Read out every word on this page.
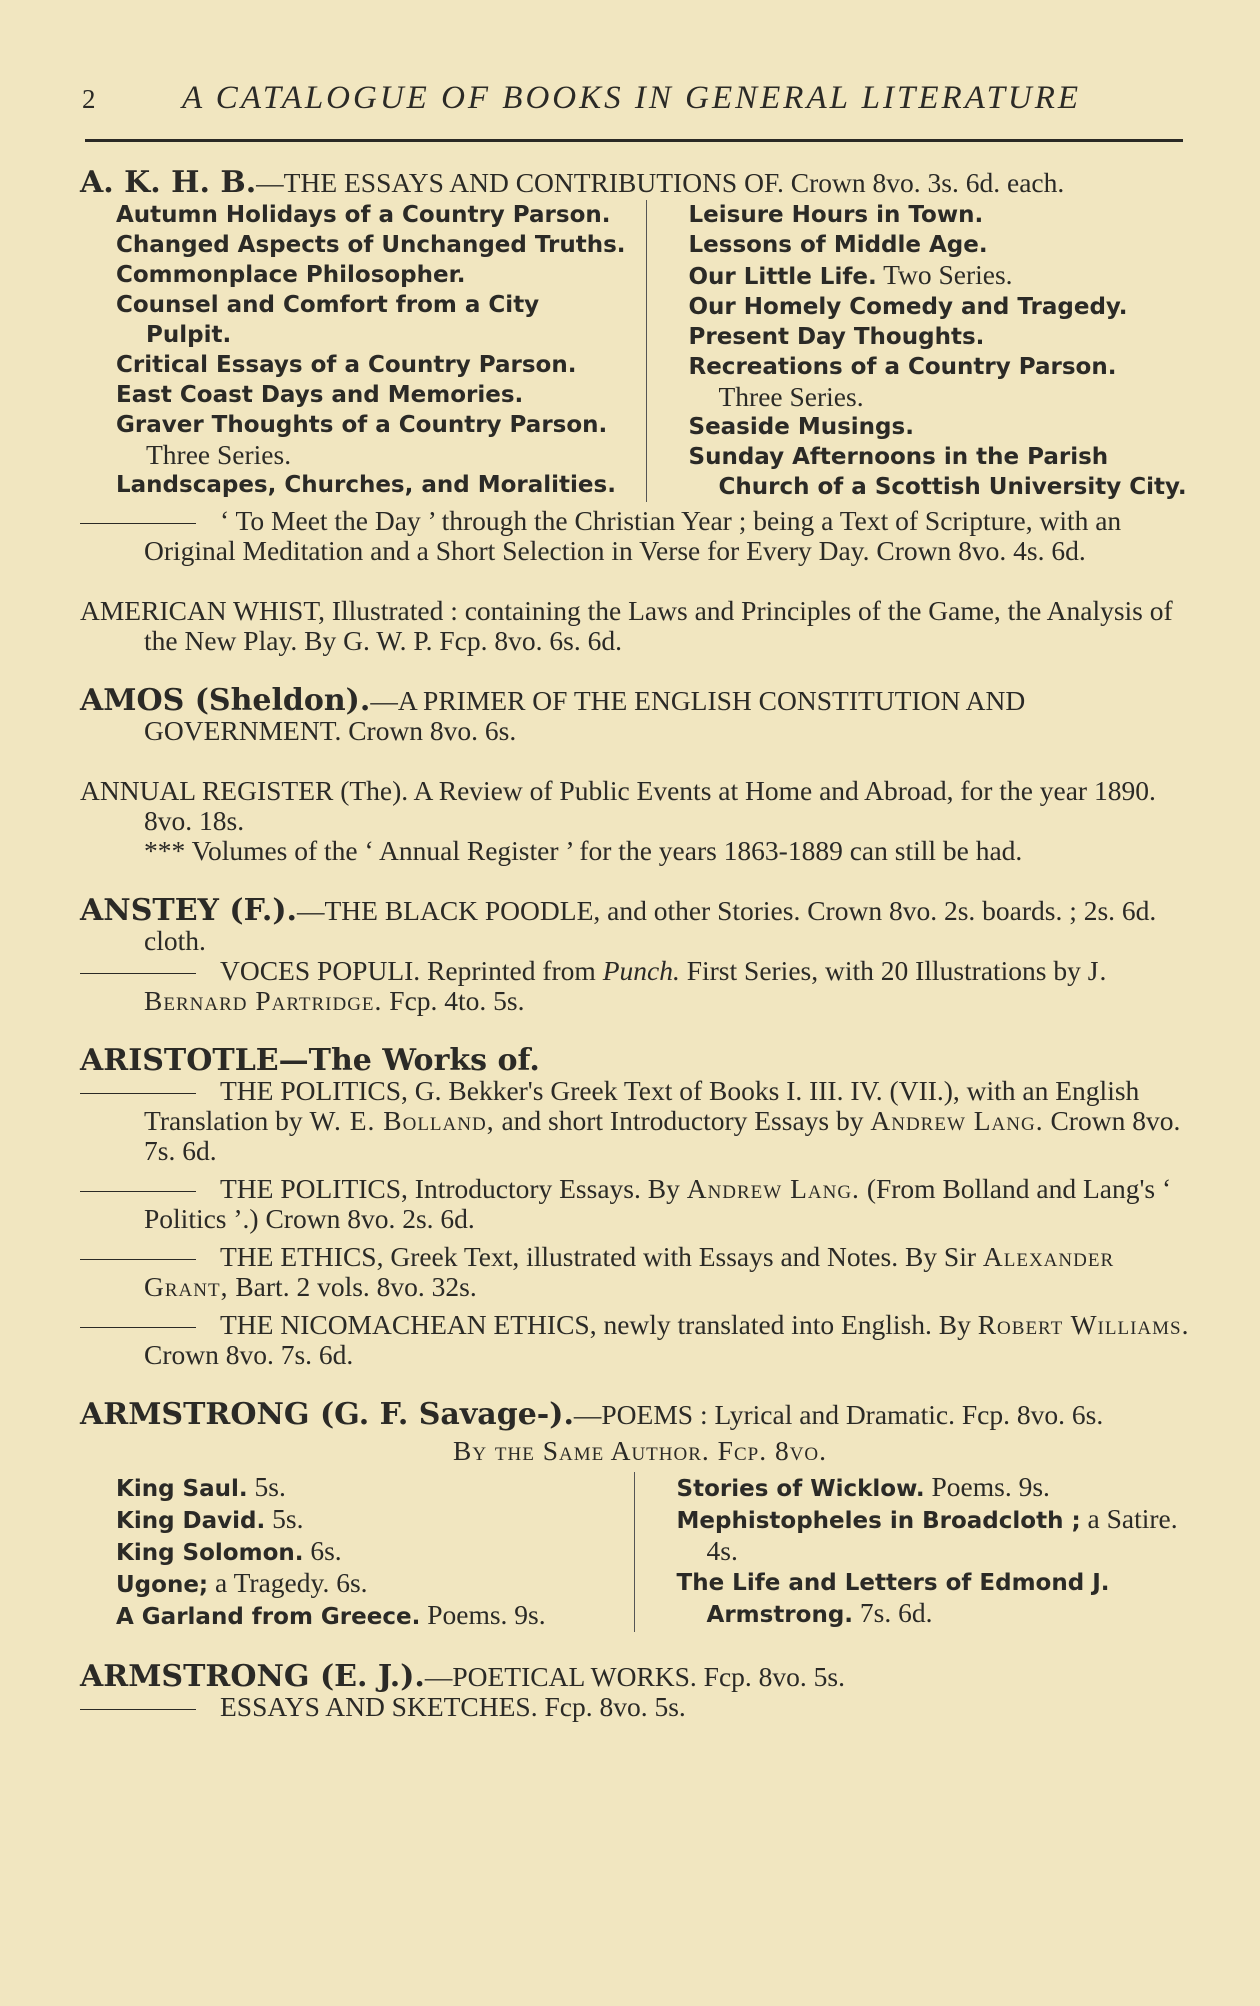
2	A CATALOGUE OF BOOKS IN GENERAL LITERATURE

A. K. H. B.—THE ESSAYS AND CONTRIBUTIONS OF. Crown 8vo. 3s. 6d. each.

Autumn Holidays of a Country Parson.
Changed Aspects of Unchanged Truths.
Commonplace Philosopher.
Counsel and Comfort from a City Pulpit.
Critical Essays of a Country Parson.
East Coast Days and Memories.
Graver Thoughts of a Country Parson.
Three Series.
Landscapes, Churches, and Moralities.
Leisure Hours in Town.
Lessons of Middle Age.
Our Little Life. Two Series.
Our Homely Comedy and Tragedy.
Present Day Thoughts.
Recreations of a Country Parson.
Three Series.
Seaside Musings.
Sunday Afternoons in the Parish Church of a Scottish University City.

‘ To Meet the Day ’ through the Christian Year ; being a Text of Scripture, with an Original Meditation and a Short Selection in Verse for Every Day. Crown 8vo. 4s. 6d.

AMERICAN WHIST, Illustrated : containing the Laws and Principles of the Game, the Analysis of the New Play. By G. W. P. Fcp. 8vo. 6s. 6d.

AMOS (Sheldon).—A PRIMER OF THE ENGLISH CONSTITUTION AND GOVERNMENT. Crown 8vo. 6s.

ANNUAL REGISTER (The). A Review of Public Events at Home and Abroad, for the year 1890. 8vo. 18s.

*** Volumes of the ‘ Annual Register ’ for the years 1863-1889 can still be had.

ANSTEY (F.).—THE BLACK POODLE, and other Stories. Crown 8vo. 2s. boards. ; 2s. 6d. cloth.

VOCES POPULI. Reprinted from Punch. First Series, with 20 Illustrations by J. Bernard Partridge. Fcp. 4to. 5s.

ARISTOTLE—The Works of.

THE POLITICS, G. Bekker's Greek Text of Books I. III. IV. (VII.), with an English Translation by W. E. Bolland, and short Introductory Essays by Andrew Lang. Crown 8vo. 7s. 6d.

THE POLITICS, Introductory Essays. By Andrew Lang. (From Bolland and Lang's ‘ Politics ’.) Crown 8vo. 2s. 6d.

THE ETHICS, Greek Text, illustrated with Essays and Notes. By Sir Alexander Grant, Bart. 2 vols. 8vo. 32s.

THE NICOMACHEAN ETHICS, newly translated into English. By Robert Williams. Crown 8vo. 7s. 6d.

ARMSTRONG (G. F. Savage-).—POEMS : Lyrical and Dramatic. Fcp. 8vo. 6s.

By the Same Author. Fcp. 8vo.

King Saul. 5s.
King David. 5s.
King Solomon. 6s.
Ugone; a Tragedy. 6s.
A Garland from Greece. Poems. 9s.
Stories of Wicklow. Poems. 9s.
Mephistopheles in Broadcloth ; a Satire. 4s.
The Life and Letters of Edmond J. Armstrong. 7s. 6d.

ARMSTRONG (E. J.).—POETICAL WORKS. Fcp. 8vo. 5s.

ESSAYS AND SKETCHES. Fcp. 8vo. 5s.
